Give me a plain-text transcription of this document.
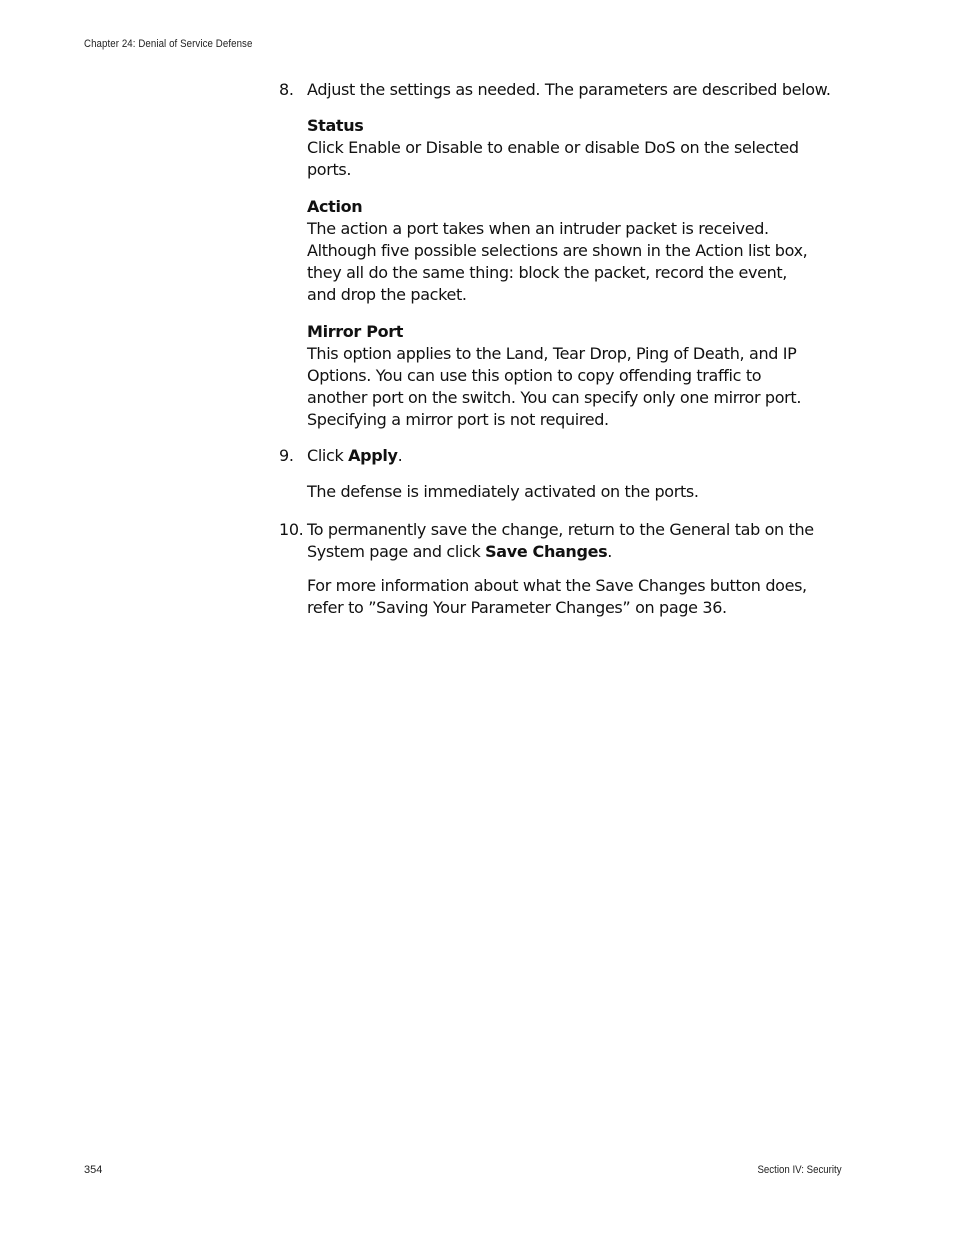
Chapter 24: Denial of Service Defense
8. Adjust the settings as needed. The parameters are described below.
Status
Click Enable or Disable to enable or disable DoS on the selected ports.
Action
The action a port takes when an intruder packet is received. Although five possible selections are shown in the Action list box, they all do the same thing: block the packet, record the event, and drop the packet.
Mirror Port
This option applies to the Land, Tear Drop, Ping of Death, and IP Options. You can use this option to copy offending traffic to another port on the switch. You can specify only one mirror port. Specifying a mirror port is not required.
9. Click Apply.
The defense is immediately activated on the ports.
10. To permanently save the change, return to the General tab on the System page and click Save Changes.
For more information about what the Save Changes button does, refer to ”Saving Your Parameter Changes” on page 36.
354	Section IV: Security
